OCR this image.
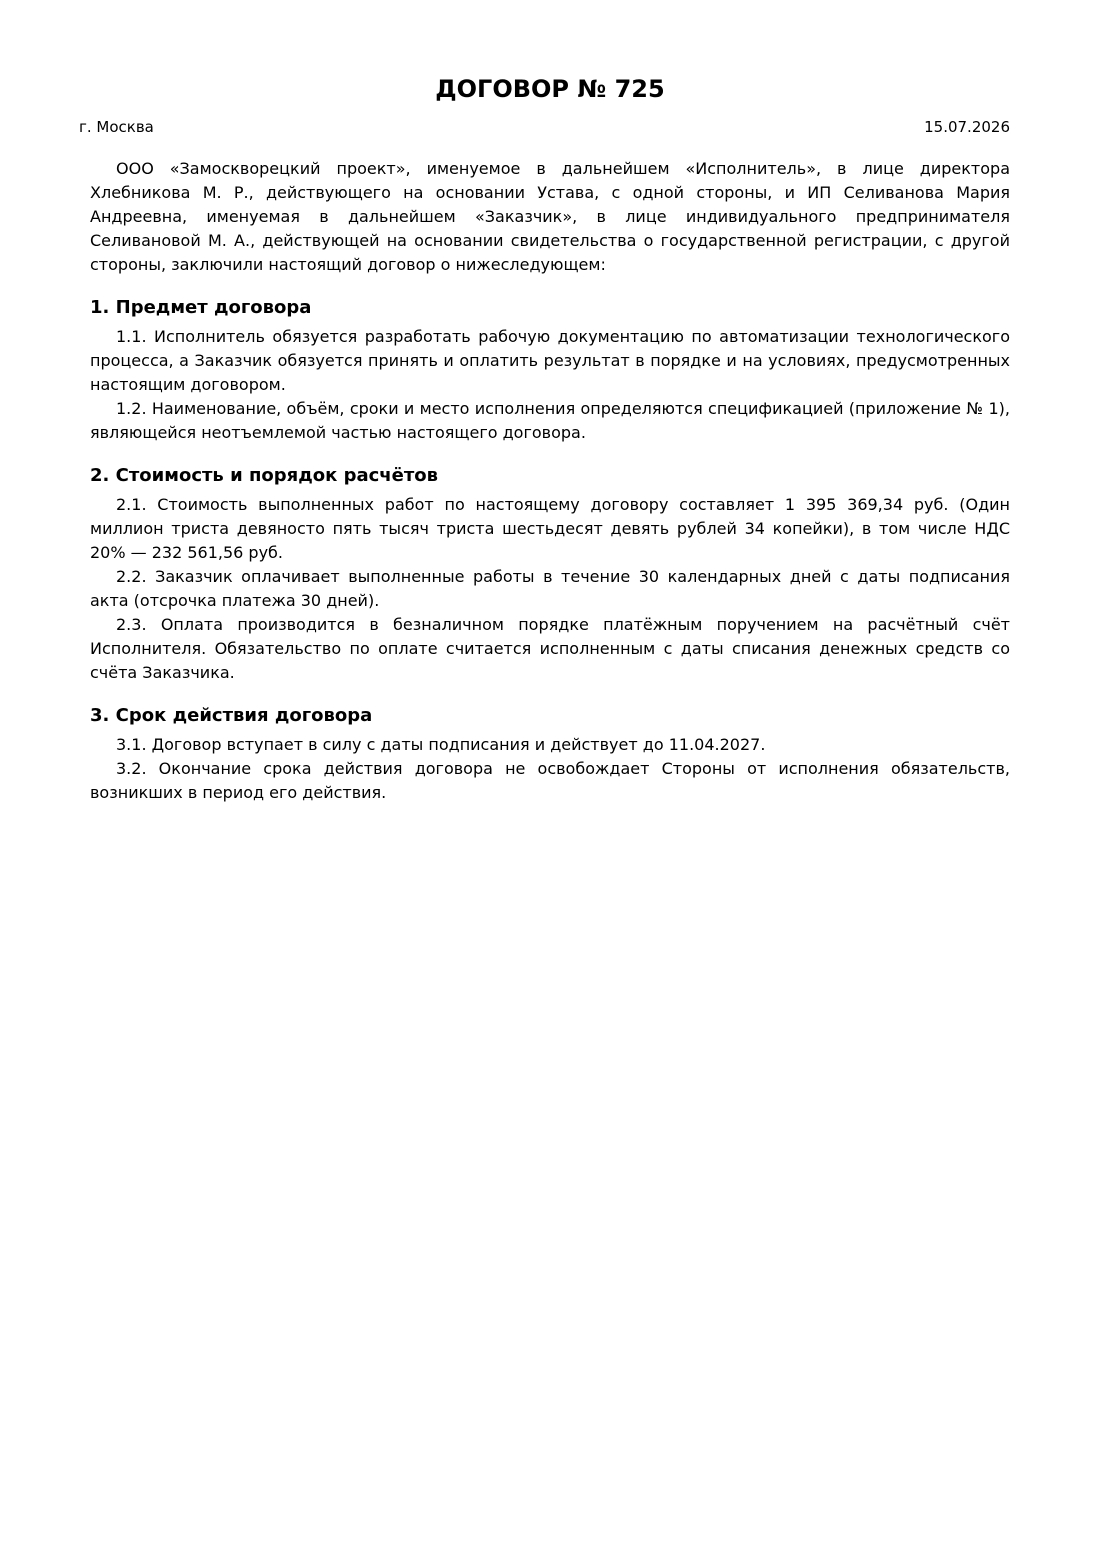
ДОГОВОР № 725
г. Москва	15.07.2026

ООО «Замоскворецкий проект», именуемое в дальнейшем «Исполнитель», в лице директора Хлебникова М. Р., действующего на основании Устава, с одной стороны, и ИП Селиванова Мария Андреевна, именуемая в дальнейшем «Заказчик», в лице индивидуального предпринимателя Селивановой М. А., действующей на основании свидетельства о государственной регистрации, с другой стороны, заключили настоящий договор о нижеследующем:

1. Предмет договора

1.1. Исполнитель обязуется разработать рабочую документацию по автоматизации технологического процесса, а Заказчик обязуется принять и оплатить результат в порядке и на условиях, предусмотренных настоящим договором.

1.2. Наименование, объём, сроки и место исполнения определяются спецификацией (приложение № 1), являющейся неотъемлемой частью настоящего договора.

2. Стоимость и порядок расчётов

2.1. Стоимость выполненных работ по настоящему договору составляет 1 395 369,34 руб. (Один миллион триста девяносто пять тысяч триста шестьдесят девять рублей 34 копейки), в том числе НДС 20% — 232 561,56 руб.

2.2. Заказчик оплачивает выполненные работы в течение 30 календарных дней с даты подписания акта (отсрочка платежа 30 дней).

2.3. Оплата производится в безналичном порядке платёжным поручением на расчётный счёт Исполнителя. Обязательство по оплате считается исполненным с даты списания денежных средств со счёта Заказчика.

3. Срок действия договора

3.1. Договор вступает в силу с даты подписания и действует до 11.04.2027.

3.2. Окончание срока действия договора не освобождает Стороны от исполнения обязательств, возникших в период его действия.
